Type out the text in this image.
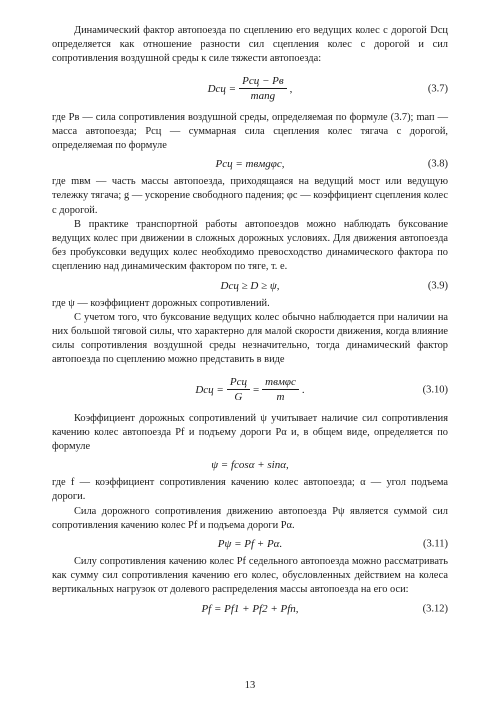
Динамический фактор автопоезда по сцеплению его ведущих колес с дорогой Dсц определяется как отношение разности сил сцепления колес с дорогой и сил сопротивления воздушной среды к силе тяжести автопоезда:

Dсц = $\frac{\text{Pсц − Pв}}{\text{mапg}}$ ,	(3.7)

где Pв — сила сопротивления воздушной среды, определяемая по формуле (3.7); mап — масса автопоезда; Pсц — суммарная сила сцепления колес тягача с дорогой, определяемая по формуле

Pсц = mвмgφс,	(3.8)

где mвм — часть массы автопоезда, приходящаяся на ведущий мост или ведущую тележку тягача; g — ускорение свободного падения; φс — коэффициент сцепления колес с дорогой.

В практике транспортной работы автопоездов можно наблюдать буксование ведущих колес при движении в сложных дорожных условиях. Для движения автопоезда без пробуксовки ведущих колес необходимо превосходство динамического фактора по сцеплению над динамическим фактором по тяге, т. е.

Dсц ≥ D ≥ ψ,	(3.9)

где ψ — коэффициент дорожных сопротивлений.

С учетом того, что буксование ведущих колес обычно наблюдается при наличии на них большой тяговой силы, что характерно для малой скорости движения, когда влияние силы сопротивления воздушной среды незначительно, тогда динамический фактор автопоезда по сцеплению можно представить в виде

Dсц = $\frac{\text{Pсц}}{G} = \frac{\text{mвмφс}}{m}$ .	(3.10)

Коэффициент дорожных сопротивлений ψ учитывает наличие сил сопротивления качению колес автопоезда Pf и подъему дороги Pα и, в общем виде, определяется по формуле

ψ = fcosα + sinα,

где f — коэффициент сопротивления качению колес автопоезда; α — угол подъема дороги.

Сила дорожного сопротивления движению автопоезда Pψ является суммой сил сопротивления качению колес Pf и подъема дороги Pα.

Pψ = Pf + Pα.	(3.11)

Силу сопротивления качению колес Pf седельного автопоезда можно рассматривать как сумму сил сопротивления качению его колес, обусловленных действием на колеса вертикальных нагрузок от долевого распределения массы автопоезда на его оси:

Pf = Pf1 + Pf2 + Pfn,	(3.12)
13
